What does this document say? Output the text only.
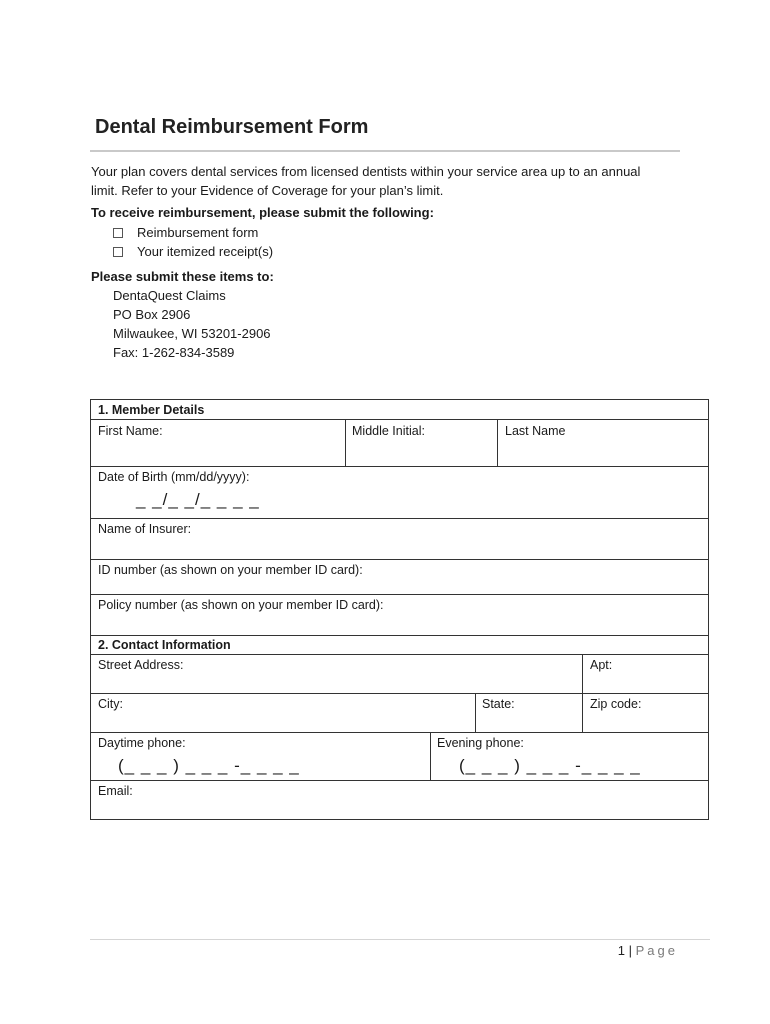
Dental Reimbursement Form
Your plan covers dental services from licensed dentists within your service area up to an annual
limit. Refer to your Evidence of Coverage for your plan’s limit.
To receive reimbursement, please submit the following:
Reimbursement form
Your itemized receipt(s)
Please submit these items to:
DentaQuest Claims
PO Box 2906
Milwaukee, WI 53201-2906
Fax: 1-262-834-3589
1. Member Details
First Name:	Middle Initial:	Last Name
Date of Birth (mm/dd/yyyy):
_ _/_ _/_ _ _ _
Name of Insurer:
ID number (as shown on your member ID card):
Policy number (as shown on your member ID card):
2. Contact Information
Street Address:	Apt:
City:	State:	Zip code:
Daytime phone:
(_ _ _ ) _ _ _ -_ _ _ _
Evening phone:
(_ _ _ ) _ _ _ -_ _ _ _
Email:
1 | Page
